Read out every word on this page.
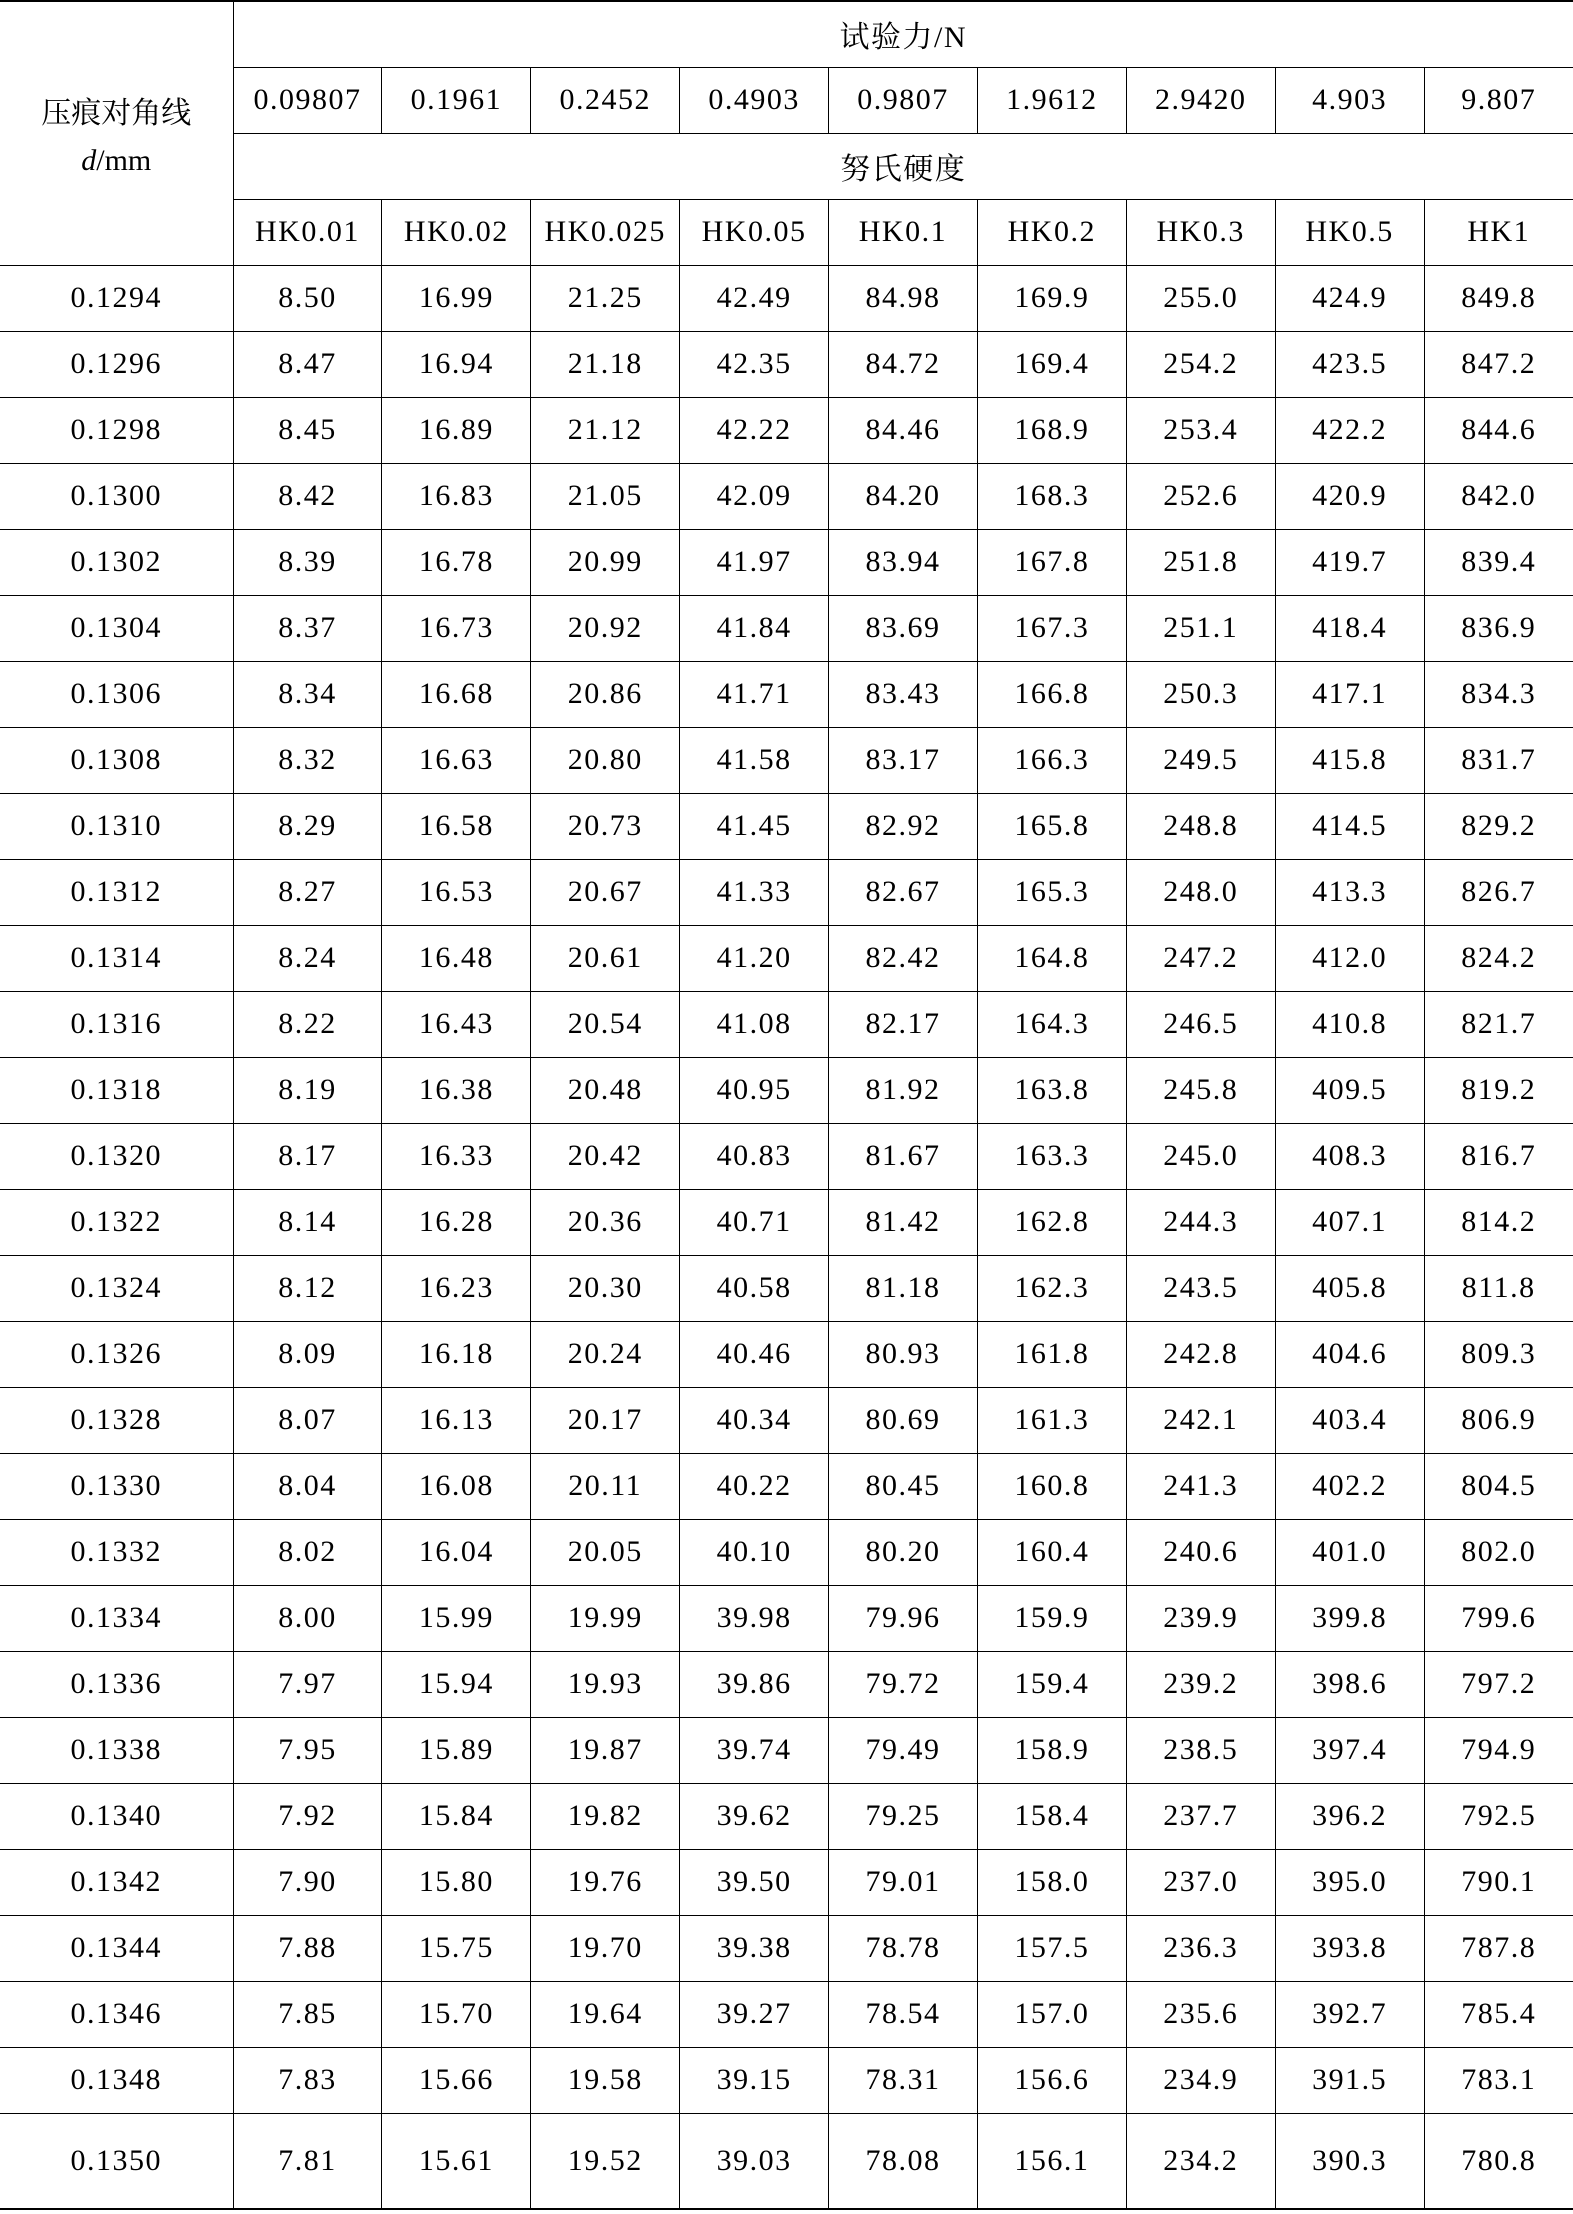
压痕对角线
d/mm	试验力/N								
	0.09807	0.1961	0.2452	0.4903	0.9807	1.9612	2.9420	4.903	9.807
	努氏硬度								
	HK0.01	HK0.02	HK0.025	HK0.05	HK0.1	HK0.2	HK0.3	HK0.5	HK1
0.1294	8.50	16.99	21.25	42.49	84.98	169.9	255.0	424.9	849.8
0.1296	8.47	16.94	21.18	42.35	84.72	169.4	254.2	423.5	847.2
0.1298	8.45	16.89	21.12	42.22	84.46	168.9	253.4	422.2	844.6
0.1300	8.42	16.83	21.05	42.09	84.20	168.3	252.6	420.9	842.0
0.1302	8.39	16.78	20.99	41.97	83.94	167.8	251.8	419.7	839.4
0.1304	8.37	16.73	20.92	41.84	83.69	167.3	251.1	418.4	836.9
0.1306	8.34	16.68	20.86	41.71	83.43	166.8	250.3	417.1	834.3
0.1308	8.32	16.63	20.80	41.58	83.17	166.3	249.5	415.8	831.7
0.1310	8.29	16.58	20.73	41.45	82.92	165.8	248.8	414.5	829.2
0.1312	8.27	16.53	20.67	41.33	82.67	165.3	248.0	413.3	826.7
0.1314	8.24	16.48	20.61	41.20	82.42	164.8	247.2	412.0	824.2
0.1316	8.22	16.43	20.54	41.08	82.17	164.3	246.5	410.8	821.7
0.1318	8.19	16.38	20.48	40.95	81.92	163.8	245.8	409.5	819.2
0.1320	8.17	16.33	20.42	40.83	81.67	163.3	245.0	408.3	816.7
0.1322	8.14	16.28	20.36	40.71	81.42	162.8	244.3	407.1	814.2
0.1324	8.12	16.23	20.30	40.58	81.18	162.3	243.5	405.8	811.8
0.1326	8.09	16.18	20.24	40.46	80.93	161.8	242.8	404.6	809.3
0.1328	8.07	16.13	20.17	40.34	80.69	161.3	242.1	403.4	806.9
0.1330	8.04	16.08	20.11	40.22	80.45	160.8	241.3	402.2	804.5
0.1332	8.02	16.04	20.05	40.10	80.20	160.4	240.6	401.0	802.0
0.1334	8.00	15.99	19.99	39.98	79.96	159.9	239.9	399.8	799.6
0.1336	7.97	15.94	19.93	39.86	79.72	159.4	239.2	398.6	797.2
0.1338	7.95	15.89	19.87	39.74	79.49	158.9	238.5	397.4	794.9
0.1340	7.92	15.84	19.82	39.62	79.25	158.4	237.7	396.2	792.5
0.1342	7.90	15.80	19.76	39.50	79.01	158.0	237.0	395.0	790.1
0.1344	7.88	15.75	19.70	39.38	78.78	157.5	236.3	393.8	787.8
0.1346	7.85	15.70	19.64	39.27	78.54	157.0	235.6	392.7	785.4
0.1348	7.83	15.66	19.58	39.15	78.31	156.6	234.9	391.5	783.1
0.1350	7.81	15.61	19.52	39.03	78.08	156.1	234.2	390.3	780.8
